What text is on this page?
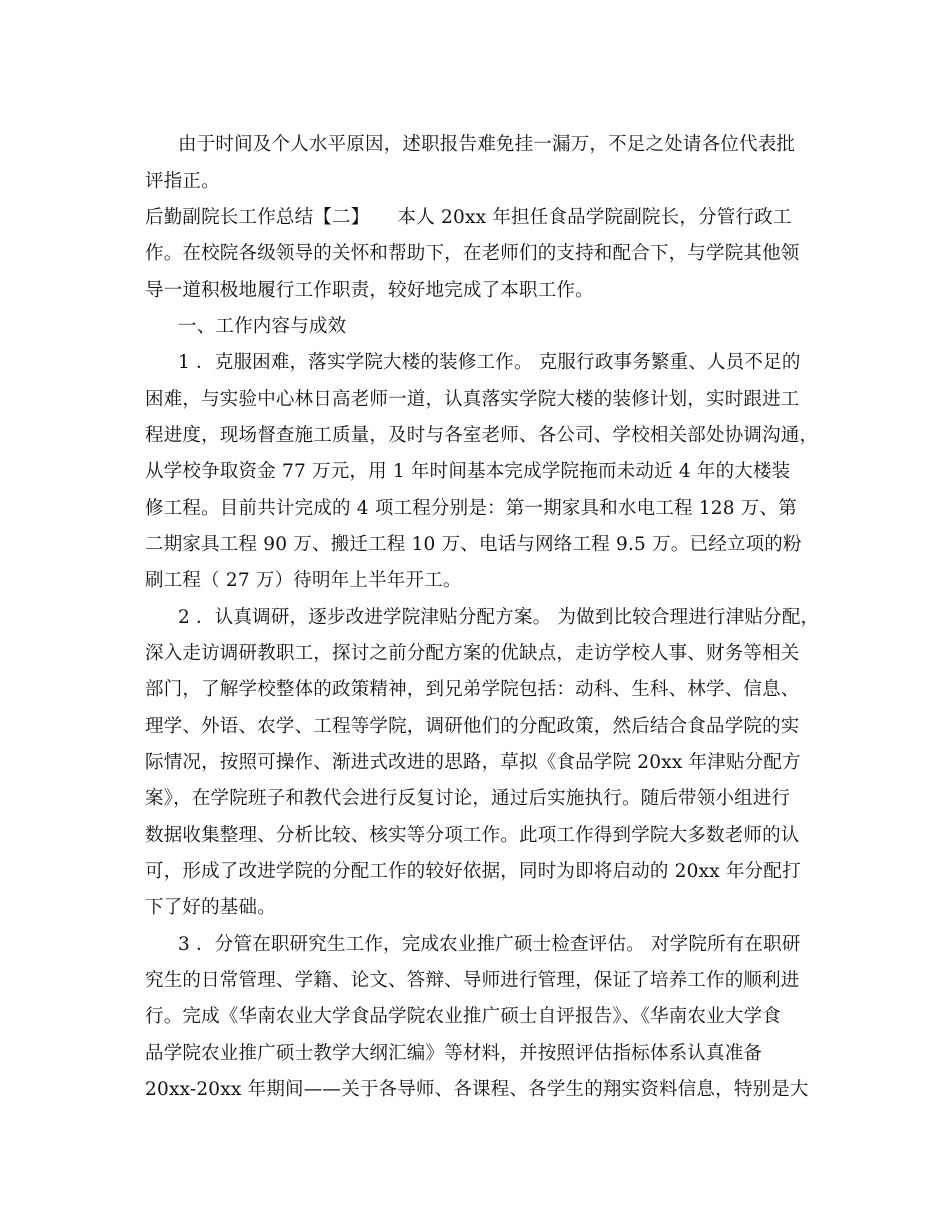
由于时间及个人水平原因，述职报告难免挂一漏万，不足之处请各位代表批
评指正。
后勤副院长工作总结【二】　　本人 20xx 年担任食品学院副院长，分管行政工
作。在校院各级领导的关怀和帮助下，在老师们的支持和配合下，与学院其他领
导一道积极地履行工作职责，较好地完成了本职工作。
一、工作内容与成效
1 ．克服困难，落实学院大楼的装修工作。 克服行政事务繁重、人员不足的
困难，与实验中心林日高老师一道，认真落实学院大楼的装修计划，实时跟进工
程进度，现场督查施工质量，及时与各室老师、各公司、学校相关部处协调沟通，
从学校争取资金 77 万元，用 1 年时间基本完成学院拖而未动近 4 年的大楼装
修工程。目前共计完成的 4 项工程分别是：第一期家具和水电工程 128 万、第
二期家具工程 90 万、搬迁工程 10 万、电话与网络工程 9.5 万。已经立项的粉
刷工程（ 27 万）待明年上半年开工。
2 ．认真调研，逐步改进学院津贴分配方案。 为做到比较合理进行津贴分配，
深入走访调研教职工，探讨之前分配方案的优缺点，走访学校人事、财务等相关
部门，了解学校整体的政策精神，到兄弟学院包括：动科、生科、林学、信息、
理学、外语、农学、工程等学院，调研他们的分配政策，然后结合食品学院的实
际情况，按照可操作、渐进式改进的思路，草拟《食品学院 20xx 年津贴分配方
案》，在学院班子和教代会进行反复讨论，通过后实施执行。随后带领小组进行
数据收集整理、分析比较、核实等分项工作。此项工作得到学院大多数老师的认
可，形成了改进学院的分配工作的较好依据，同时为即将启动的 20xx 年分配打
下了好的基础。
3 ．分管在职研究生工作，完成农业推广硕士检查评估。 对学院所有在职研
究生的日常管理、学籍、论文、答辩、导师进行管理，保证了培养工作的顺利进
行。完成《华南农业大学食品学院农业推广硕士自评报告》、《华南农业大学食
品学院农业推广硕士教学大纲汇编》等材料，并按照评估指标体系认真准备
20xx-20xx 年期间——关于各导师、各课程、各学生的翔实资料信息，特别是大
